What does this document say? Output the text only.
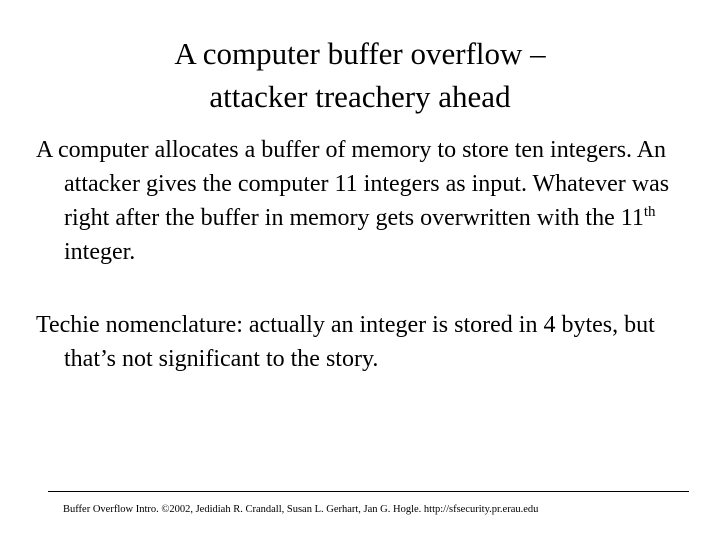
A computer buffer overflow –
attacker treachery ahead
A computer allocates a buffer of memory to store ten integers. An attacker gives the computer 11 integers as input. Whatever was right after the buffer in memory gets overwritten with the 11th integer.
Techie nomenclature: actually an integer is stored in 4 bytes, but that’s not significant to the story.
Buffer Overflow Intro. ©2002, Jedidiah R. Crandall, Susan L. Gerhart, Jan G. Hogle. http://sfsecurity.pr.erau.edu
